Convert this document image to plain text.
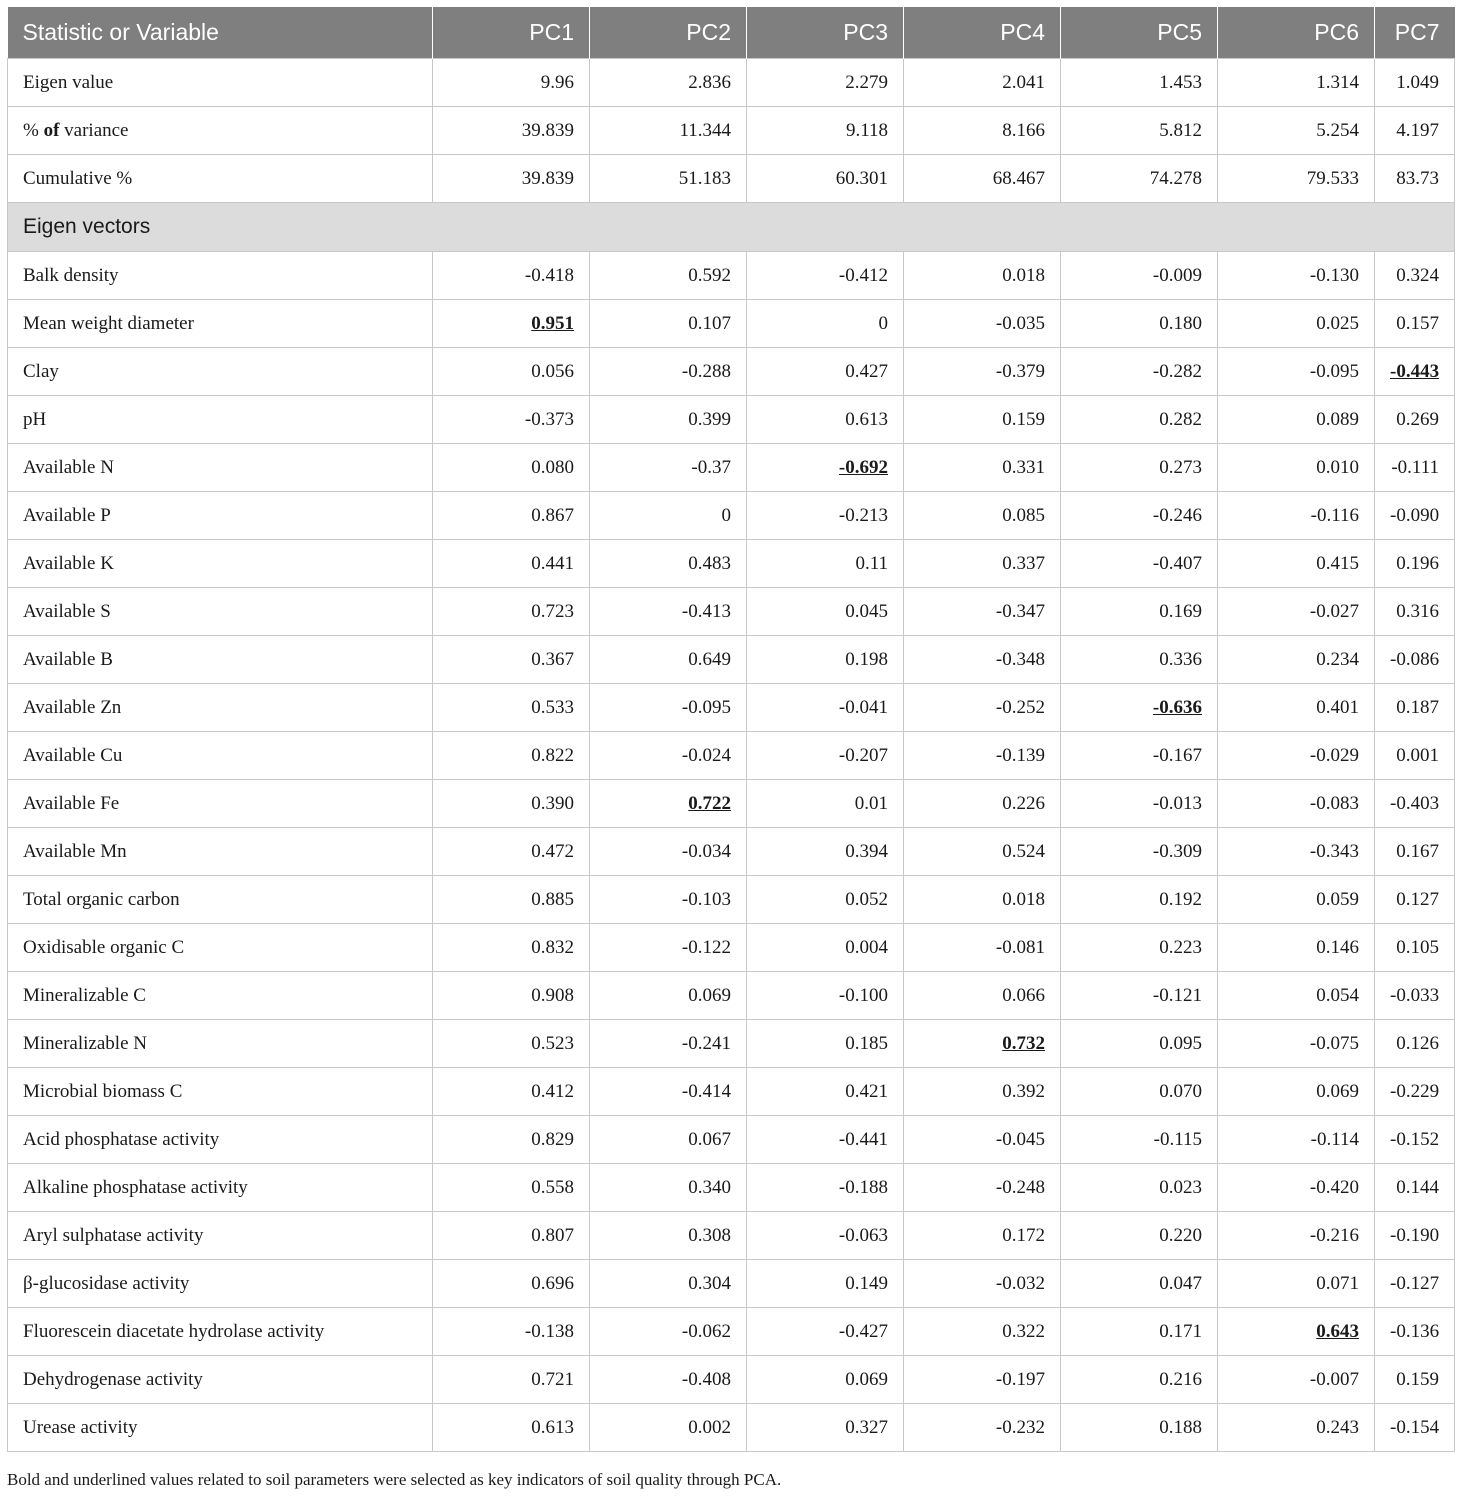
Statistic or Variable	PC1	PC2	PC3	PC4	PC5	PC6	PC7
Eigen value	9.96	2.836	2.279	2.041	1.453	1.314	1.049
% of variance	39.839	11.344	9.118	8.166	5.812	5.254	4.197
Cumulative %	39.839	51.183	60.301	68.467	74.278	79.533	83.73
Eigen vectors							
Balk density	-0.418	0.592	-0.412	0.018	-0.009	-0.130	0.324
Mean weight diameter	0.951	0.107	0	-0.035	0.180	0.025	0.157
Clay	0.056	-0.288	0.427	-0.379	-0.282	-0.095	-0.443
pH	-0.373	0.399	0.613	0.159	0.282	0.089	0.269
Available N	0.080	-0.37	-0.692	0.331	0.273	0.010	-0.111
Available P	0.867	0	-0.213	0.085	-0.246	-0.116	-0.090
Available K	0.441	0.483	0.11	0.337	-0.407	0.415	0.196
Available S	0.723	-0.413	0.045	-0.347	0.169	-0.027	0.316
Available B	0.367	0.649	0.198	-0.348	0.336	0.234	-0.086
Available Zn	0.533	-0.095	-0.041	-0.252	-0.636	0.401	0.187
Available Cu	0.822	-0.024	-0.207	-0.139	-0.167	-0.029	0.001
Available Fe	0.390	0.722	0.01	0.226	-0.013	-0.083	-0.403
Available Mn	0.472	-0.034	0.394	0.524	-0.309	-0.343	0.167
Total organic carbon	0.885	-0.103	0.052	0.018	0.192	0.059	0.127
Oxidisable organic C	0.832	-0.122	0.004	-0.081	0.223	0.146	0.105
Mineralizable C	0.908	0.069	-0.100	0.066	-0.121	0.054	-0.033
Mineralizable N	0.523	-0.241	0.185	0.732	0.095	-0.075	0.126
Microbial biomass C	0.412	-0.414	0.421	0.392	0.070	0.069	-0.229
Acid phosphatase activity	0.829	0.067	-0.441	-0.045	-0.115	-0.114	-0.152
Alkaline phosphatase activity	0.558	0.340	-0.188	-0.248	0.023	-0.420	0.144
Aryl sulphatase activity	0.807	0.308	-0.063	0.172	0.220	-0.216	-0.190
β-glucosidase activity	0.696	0.304	0.149	-0.032	0.047	0.071	-0.127
Fluorescein diacetate hydrolase activity	-0.138	-0.062	-0.427	0.322	0.171	0.643	-0.136
Dehydrogenase activity	0.721	-0.408	0.069	-0.197	0.216	-0.007	0.159
Urease activity	0.613	0.002	0.327	-0.232	0.188	0.243	-0.154
Bold and underlined values related to soil parameters were selected as key indicators of soil quality through PCA.
